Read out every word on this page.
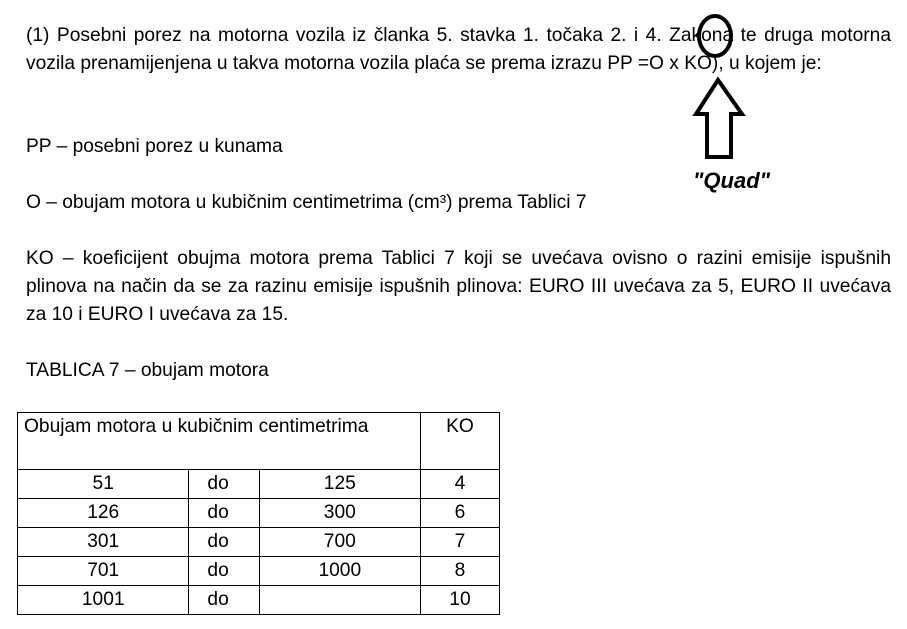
(1) Posebni porez na motorna vozila iz članka 5. stavka 1. točaka 2. i 4. Zakona te druga motorna vozila prenamijenjena u takva motorna vozila plaća se prema izrazu PP =O x KO), u kojem je:

PP – posebni porez u kunama

O – obujam motora u kubičnim centimetrima (cm³) prema Tablici 7

KO – koeficijent obujma motora prema Tablici 7 koji se uvećava ovisno o razini emisije ispušnih plinova na način da se za razinu emisije ispušnih plinova: EURO III uvećava za 5, EURO II uvećava za 10 i EURO I uvećava za 15.

TABLICA 7 – obujam motora

Obujam motora u kubičnim centimetrima			KO
51	do	125	4
126	do	300	6
301	do	700	7
701	do	1000	8
1001	do		10
"Quad"
